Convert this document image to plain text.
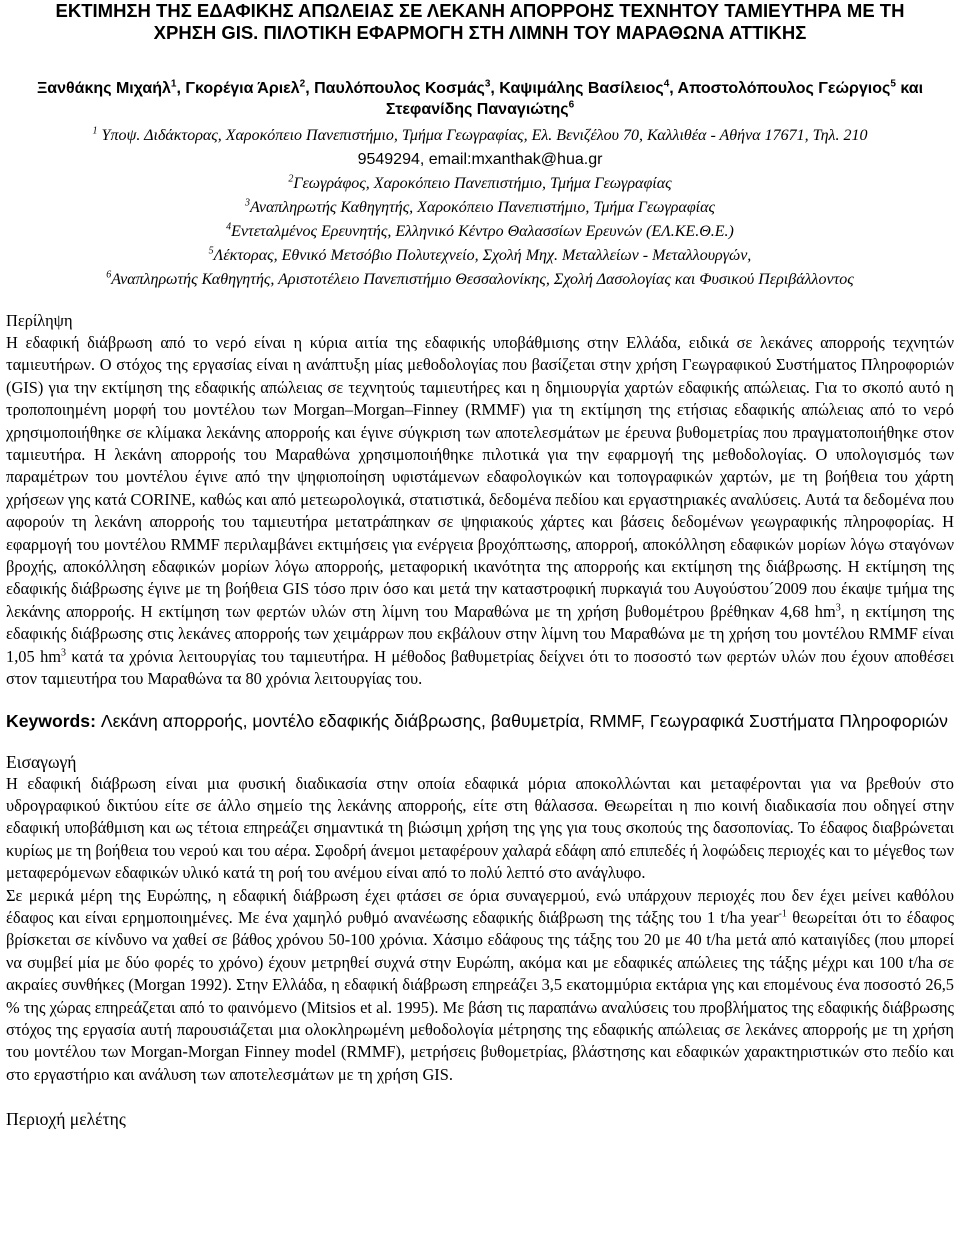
ΕΚΤΙΜΗΣΗ ΤΗΣ ΕΔΑΦΙΚΗΣ ΑΠΩΛΕΙΑΣ ΣΕ ΛΕΚΑΝΗ ΑΠΟΡΡΟΗΣ ΤΕΧΝΗΤΟΥ ΤΑΜΙΕΥΤΗΡΑ ΜΕ ΤΗ
ΧΡΗΣΗ GIS. ΠΙΛΟΤΙΚΗ ΕΦΑΡΜΟΓΗ ΣΤΗ ΛΙΜΝΗ ΤΟΥ ΜΑΡΑΘΩΝΑ ΑΤΤΙΚΗΣ
Ξανθάκης Μιχαήλ$^1$, Γκορέγια Άριελ$^2$, Παυλόπουλος Κοσμάς$^3$, Καψιμάλης Βασίλειος$^4$, Αποστολόπουλος Γεώργιος$^5$ και
Στεφανίδης Παναγιώτης$^6$

$^1$ Υποψ. Διδάκτορας, Χαροκόπειο Πανεπιστήμιο, Τμήμα Γεωγραφίας, Ελ. Βενιζέλου 70, Καλλιθέα - Αθήνα 17671, Τηλ. 210
9549294, email:mxanthak@hua.gr

$^2$Γεωγράφος, Χαροκόπειο Πανεπιστήμιο, Τμήμα Γεωγραφίας

$^3$Αναπληρωτής Καθηγητής, Χαροκόπειο Πανεπιστήμιο, Τμήμα Γεωγραφίας

$^4$Εντεταλμένος Ερευνητής, Ελληνικό Κέντρο Θαλασσίων Ερευνών (ΕΛ.ΚΕ.Θ.Ε.)

$^5$Λέκτορας, Εθνικό Μετσόβιο Πολυτεχνείο, Σχολή Μηχ. Μεταλλείων - Μεταλλουργών,

$^6$Αναπληρωτής Καθηγητής, Αριστοτέλειο Πανεπιστήμιο Θεσσαλονίκης, Σχολή Δασολογίας και Φυσικού Περιβάλλοντος

Περίληψη

Η εδαφική διάβρωση από το νερό είναι η κύρια αιτία της εδαφικής υποβάθμισης στην Ελλάδα, ειδικά σε λεκάνες απορροής τεχνητών ταμιευτήρων. Ο στόχος της εργασίας είναι η ανάπτυξη μίας μεθοδολογίας που βασίζεται στην χρήση Γεωγραφικού Συστήματος Πληροφοριών (GIS) για την εκτίμηση της εδαφικής απώλειας σε τεχνητούς ταμιευτήρες και η δημιουργία χαρτών εδαφικής απώλειας. Για το σκοπό αυτό η τροποποιημένη μορφή του μοντέλου των Morgan–Morgan–Finney (RMMF) για τη εκτίμηση της ετήσιας εδαφικής απώλειας από το νερό χρησιμοποιήθηκε σε κλίμακα λεκάνης απορροής και έγινε σύγκριση των αποτελεσμάτων με έρευνα βυθομετρίας που πραγματοποιήθηκε στον ταμιευτήρα. Η λεκάνη απορροής του Μαραθώνα χρησιμοποιήθηκε πιλοτικά για την εφαρμογή της μεθοδολογίας. Ο υπολογισμός των παραμέτρων του μοντέλου έγινε από την ψηφιοποίηση υφιστάμενων εδαφολογικών και τοπογραφικών χαρτών, με τη βοήθεια του χάρτη χρήσεων γης κατά CORINE, καθώς και από μετεωρολογικά, στατιστικά, δεδομένα πεδίου και εργαστηριακές αναλύσεις. Αυτά τα δεδομένα που αφορούν τη λεκάνη απορροής του ταμιευτήρα μετατράπηκαν σε ψηφιακούς χάρτες και βάσεις δεδομένων γεωγραφικής πληροφορίας. Η εφαρμογή του μοντέλου RMMF περιλαμβάνει εκτιμήσεις για ενέργεια βροχόπτωσης, απορροή, αποκόλληση εδαφικών μορίων λόγω σταγόνων βροχής, αποκόλληση εδαφικών μορίων λόγω απορροής, μεταφορική ικανότητα της απορροής και εκτίμηση της διάβρωσης. Η εκτίμηση της εδαφικής διάβρωσης έγινε με τη βοήθεια GIS τόσο πριν όσο και μετά την καταστροφική πυρκαγιά του Αυγούστου´2009 που έκαψε τμήμα της λεκάνης απορροής. Η εκτίμηση των φερτών υλών στη λίμνη του Μαραθώνα με τη χρήση βυθομέτρου βρέθηκαν 4,68 $hm^3$, η εκτίμηση της εδαφικής διάβρωσης στις λεκάνες απορροής των χειμάρρων που εκβάλουν στην λίμνη του Μαραθώνα με τη χρήση του μοντέλου RMMF είναι 1,05 $hm^3$ κατά τα χρόνια λειτουργίας του ταμιευτήρα. Η μέθοδος βαθυμετρίας δείχνει ότι το ποσοστό των φερτών υλών που έχουν αποθέσει στον ταμιευτήρα του Μαραθώνα τα 80 χρόνια λειτουργίας του.

Keywords: Λεκάνη απορροής, μοντέλο εδαφικής διάβρωσης, βαθυμετρία, RMMF, Γεωγραφικά Συστήματα Πληροφοριών

Εισαγωγή

Η εδαφική διάβρωση είναι μια φυσική διαδικασία στην οποία εδαφικά μόρια αποκολλώνται και μεταφέρονται για να βρεθούν στο υδρογραφικού δικτύου είτε σε άλλο σημείο της λεκάνης απορροής, είτε στη θάλασσα. Θεωρείται η πιο κοινή διαδικασία που οδηγεί στην εδαφική υποβάθμιση και ως τέτοια επηρεάζει σημαντικά τη βιώσιμη χρήση της γης για τους σκοπούς της δασοπονίας. Το έδαφος διαβρώνεται κυρίως με τη βοήθεια του νερού και του αέρα. Σφοδρή άνεμοι μεταφέρουν χαλαρά εδάφη από επιπεδές ή λοφώδεις περιοχές και το μέγεθος των μεταφερόμενων εδαφικών υλικό κατά τη ροή του ανέμου είναι από το πολύ λεπτό στο ανάγλυφο.

Σε μερικά μέρη της Ευρώπης, η εδαφική διάβρωση έχει φτάσει σε όρια συναγερμού, ενώ υπάρχουν περιοχές που δεν έχει μείνει καθόλου έδαφος και είναι ερημοποιημένες. Με ένα χαμηλό ρυθμό ανανέωσης εδαφικής διάβρωση της τάξης του 1 t/ha year$^{-1}$ θεωρείται ότι το έδαφος βρίσκεται σε κίνδυνο να χαθεί σε βάθος χρόνου 50-100 χρόνια. Χάσιμο εδάφους της τάξης του 20 με 40 t/ha μετά από καταιγίδες (που μπορεί να συμβεί μία με δύο φορές το χρόνο) έχουν μετρηθεί συχνά στην Ευρώπη, ακόμα και με εδαφικές απώλειες της τάξης μέχρι και 100 t/ha σε ακραίες συνθήκες (Morgan 1992). Στην Ελλάδα, η εδαφική διάβρωση επηρεάζει 3,5 εκατομμύρια εκτάρια γης και επομένους ένα ποσοστό 26,5 % της χώρας επηρεάζεται από το φαινόμενο (Mitsios et al. 1995). Με βάση τις παραπάνω αναλύσεις του προβλήματος της εδαφικής διάβρωσης στόχος της εργασία αυτή παρουσιάζεται μια ολοκληρωμένη μεθοδολογία μέτρησης της εδαφικής απώλειας σε λεκάνες απορροής με τη χρήση του μοντέλου των Morgan-Morgan Finney model (RMMF), μετρήσεις βυθομετρίας, βλάστησης και εδαφικών χαρακτηριστικών στο πεδίο και στο εργαστήριο και ανάλυση των αποτελεσμάτων με τη χρήση GIS.

Περιοχή μελέτης
